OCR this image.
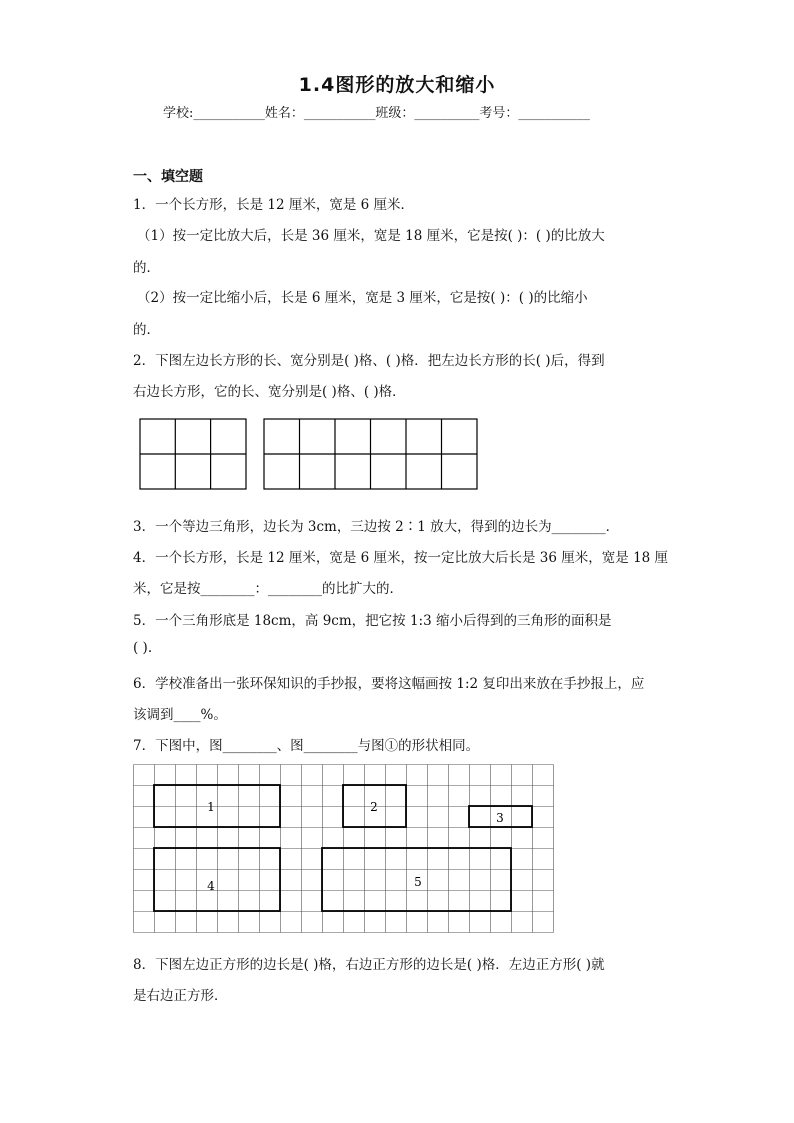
1.4图形的放大和缩小
学校:___________姓名：___________班级：__________考号：___________
一、填空题
1．一个长方形，长是 12 厘米，宽是 6 厘米．
（1）按一定比放大后，长是 36 厘米，宽是 18 厘米，它是按( )：( )的比放大
的．
（2）按一定比缩小后，长是 6 厘米，宽是 3 厘米，它是按( )：( )的比缩小
的．
2．下图左边长方形的长、宽分别是( )格、( )格．把左边长方形的长( )后，得到
右边长方形，它的长、宽分别是( )格、( )格．
3．一个等边三角形，边长为 3cm，三边按 2∶1 放大，得到的边长为________．
4．一个长方形，长是 12 厘米，宽是 6 厘米，按一定比放大后长是 36 厘米，宽是 18 厘
米，它是按________：________的比扩大的．
5．一个三角形底是 18cm，高 9cm，把它按 1:3 缩小后得到的三角形的面积是
( ).
6．学校准备出一张环保知识的手抄报，要将这幅画按 1:2 复印出来放在手抄报上，应
该调到____%。
7．下图中，图________、图________与图①的形状相同。
1	2
3
4	5
8．下图左边正方形的边长是( )格，右边正方形的边长是( )格．左边正方形( )就
是右边正方形．
